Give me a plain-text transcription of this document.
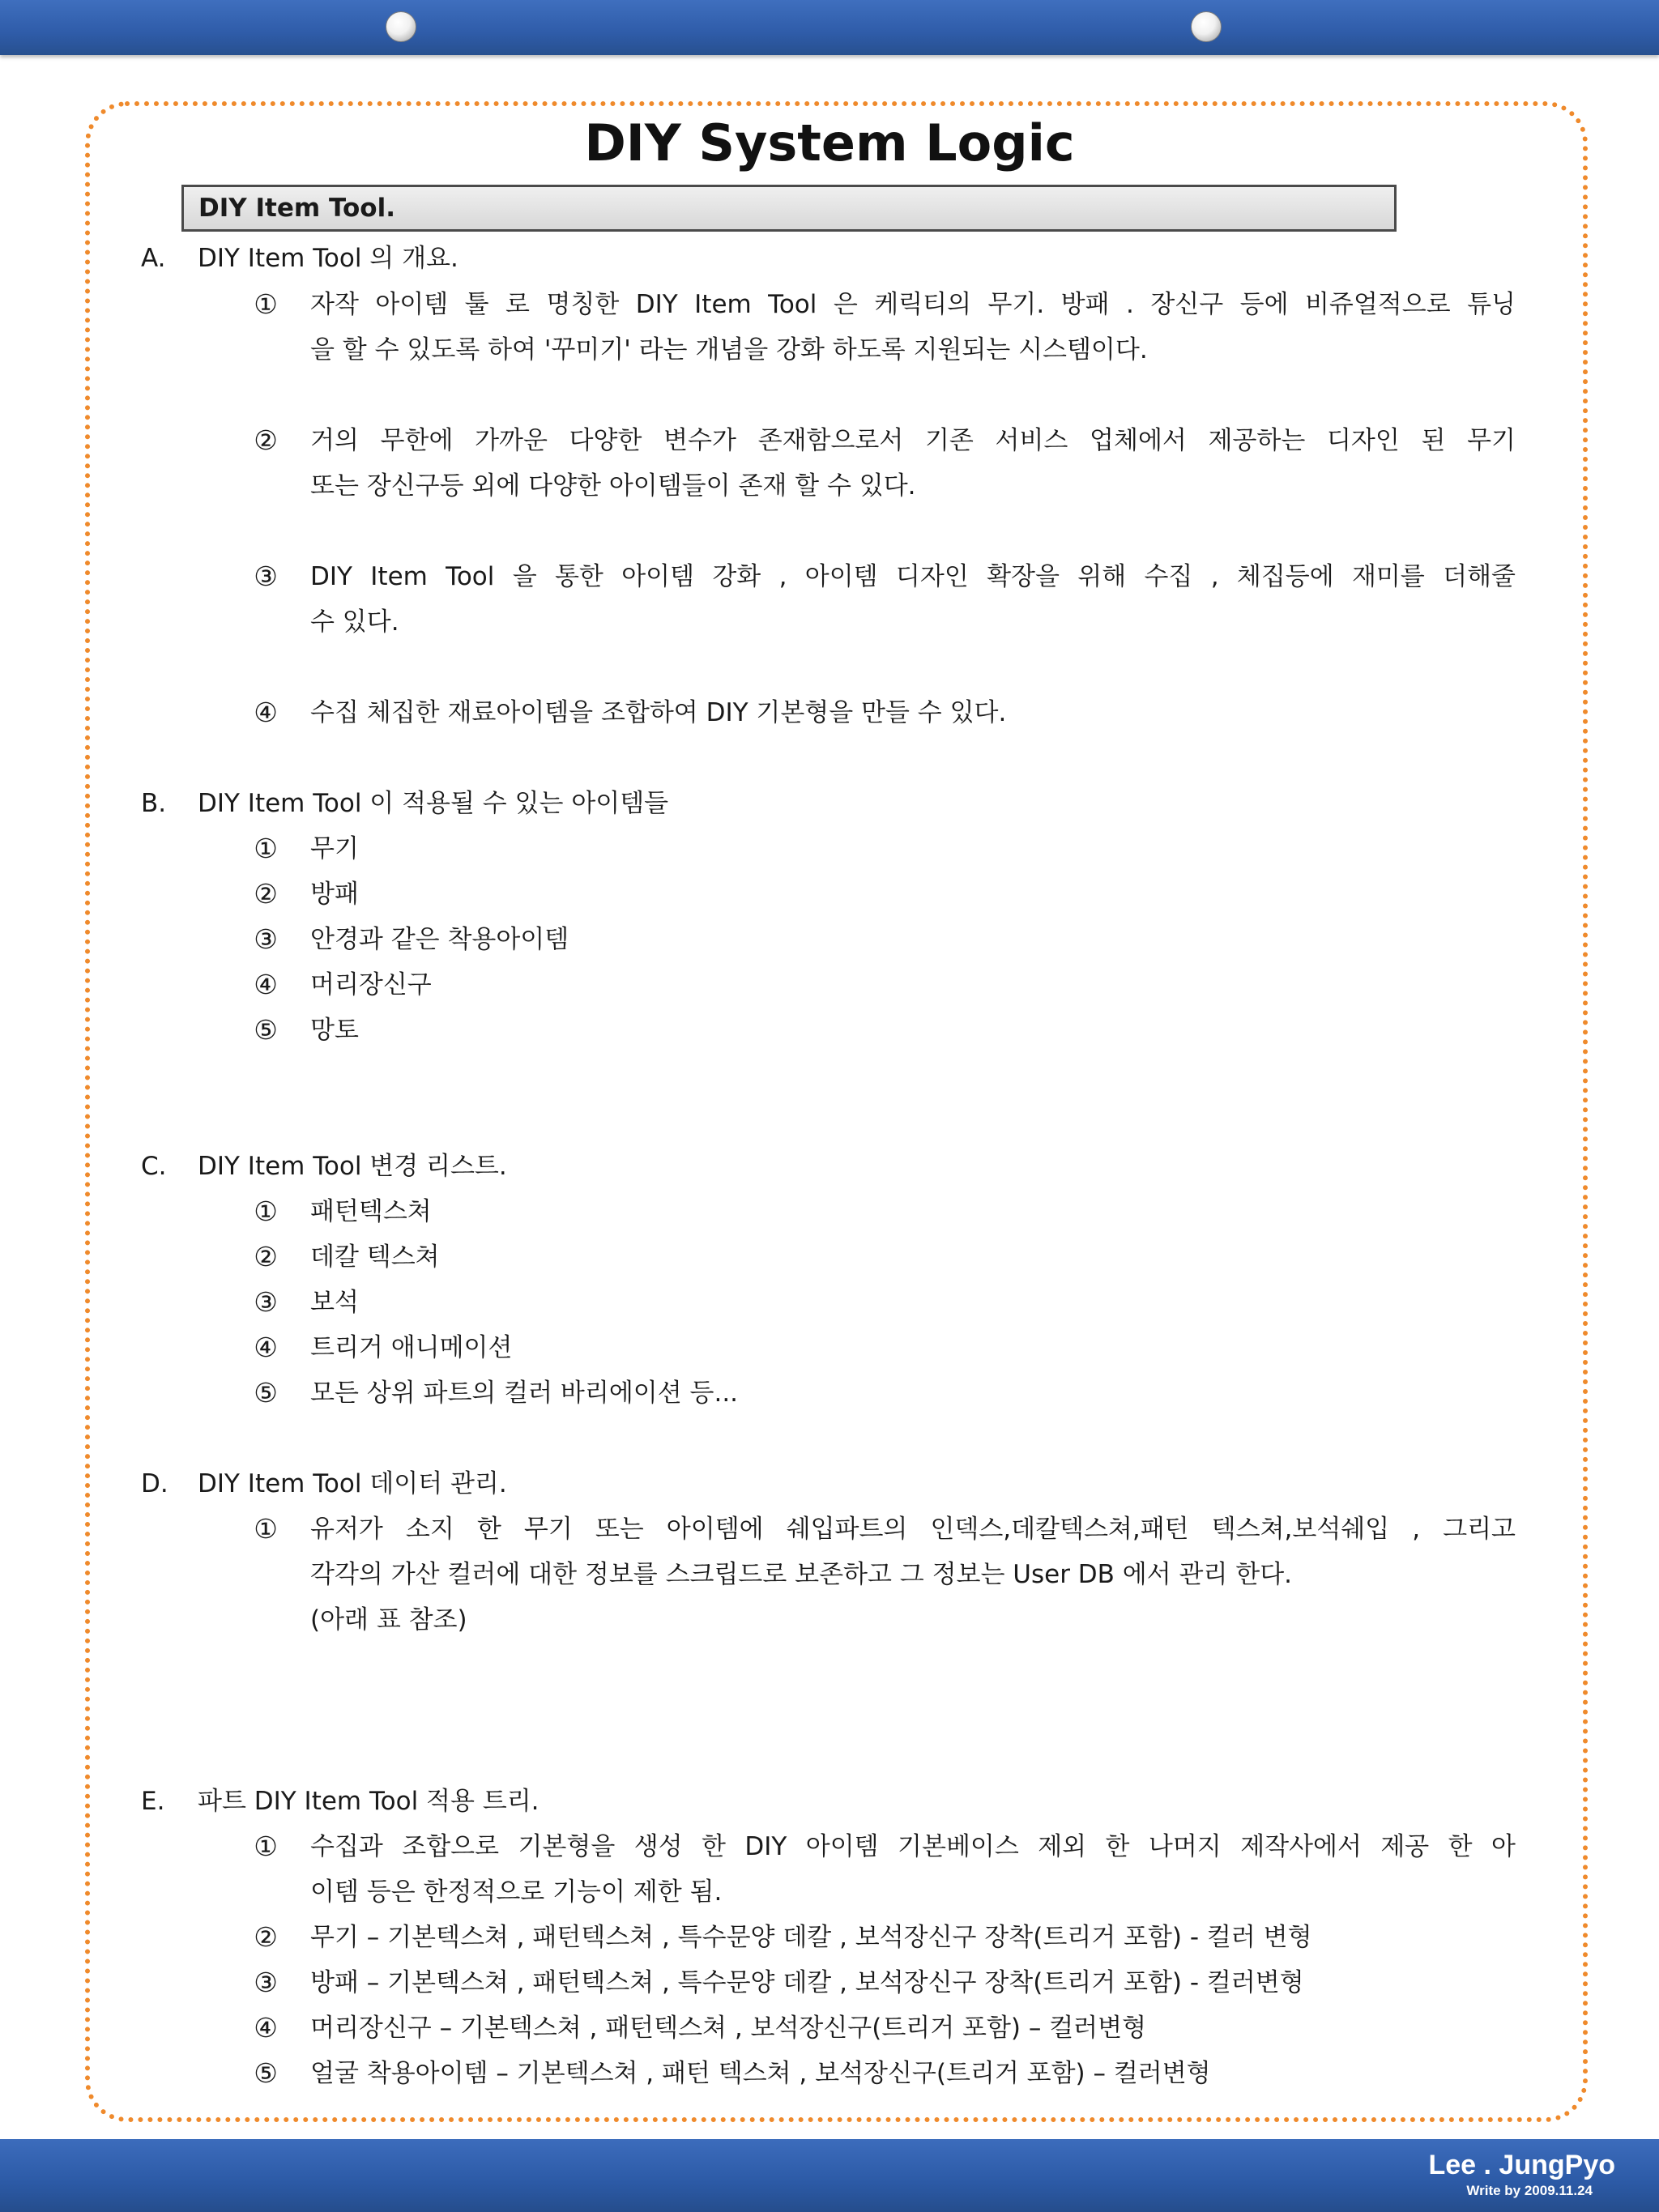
DIY System Logic
DIY Item Tool.
A. DIY Item Tool 의 개요.
① 자작 아이템 툴 로 명칭한 DIY Item Tool 은 케릭티의 무기. 방패 . 장신구 등에 비쥬얼적으로 튜닝
을 할 수 있도록 하여 '꾸미기' 라는 개념을 강화 하도록 지원되는 시스템이다.
② 거의 무한에 가까운 다양한 변수가 존재함으로서 기존 서비스 업체에서 제공하는 디자인 된 무기
또는 장신구등 외에 다양한 아이템들이 존재 할 수 있다.
③ DIY Item Tool 을 통한 아이템 강화 , 아이템 디자인 확장을 위해 수집 , 체집등에 재미를 더해줄
수 있다.
④ 수집 체집한 재료아이템을 조합하여 DIY 기본형을 만들 수 있다.
B. DIY Item Tool 이 적용될 수 있는 아이템들
① 무기
② 방패
③ 안경과 같은 착용아이템
④ 머리장신구
⑤ 망토
C. DIY Item Tool 변경 리스트.
① 패턴텍스쳐
② 데칼 텍스쳐
③ 보석
④ 트리거 애니메이션
⑤ 모든 상위 파트의 컬러 바리에이션 등...
D. DIY Item Tool 데이터 관리.
① 유저가 소지 한 무기 또는 아이템에 쉐입파트의 인덱스,데칼텍스쳐,패턴 텍스쳐,보석쉐입 , 그리고
각각의 가산 컬러에 대한 정보를 스크립드로 보존하고 그 정보는 User DB 에서 관리 한다.
(아래 표 참조)
E. 파트 DIY Item Tool 적용 트리.
① 수집과 조합으로 기본형을 생성 한 DIY 아이템 기본베이스 제외 한 나머지 제작사에서 제공 한 아
이템 등은 한정적으로 기능이 제한 됨.
② 무기 – 기본텍스쳐 , 패턴텍스쳐 , 특수문양 데칼 , 보석장신구 장착(트리거 포함) - 컬러 변형
③ 방패 – 기본텍스쳐 , 패턴텍스쳐 , 특수문양 데칼 , 보석장신구 장착(트리거 포함) - 컬러변형
④ 머리장신구 – 기본텍스쳐 , 패턴텍스쳐 , 보석장신구(트리거 포함) – 컬러변형
⑤ 얼굴 착용아이템 – 기본텍스쳐 , 패턴 텍스쳐 , 보석장신구(트리거 포함) – 컬러변형
Lee . JungPyo
Write by 2009.11.24
